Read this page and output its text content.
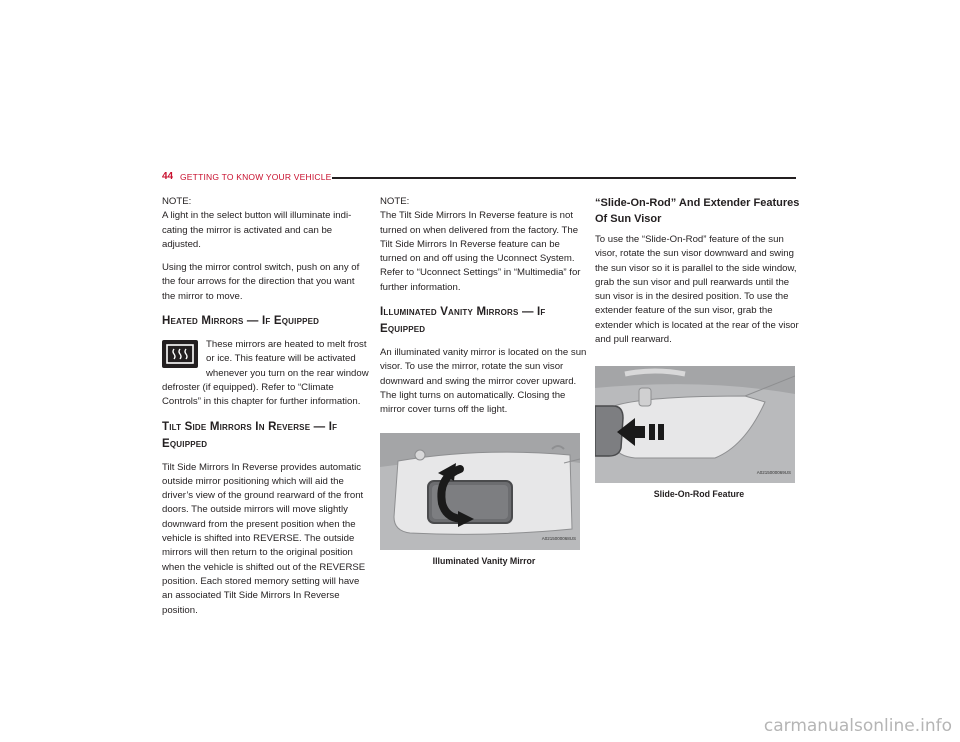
44 GETTING TO KNOW YOUR VEHICLE

NOTE:
A light in the select button will illuminate indi- cating the mirror is activated and can be adjusted.

Using the mirror control switch, push on any of the four arrows for the direction that you want the mirror to move.

Heated Mirrors — If Equipped

These mirrors are heated to melt frost or ice. This feature will be activated whenever you turn on the rear window defroster (if equipped). Refer to “Climate Controls” in this chapter for further information.

Tilt Side Mirrors In Reverse — If Equipped

Tilt Side Mirrors In Reverse provides automatic outside mirror positioning which will aid the driver’s view of the ground rearward of the front doors. The outside mirrors will move slightly downward from the present position when the vehicle is shifted into REVERSE. The outside mirrors will then return to the original position when the vehicle is shifted out of the REVERSE position. Each stored memory setting will have an associated Tilt Side Mirrors In Reverse position.

NOTE:
The Tilt Side Mirrors In Reverse feature is not turned on when delivered from the factory. The Tilt Side Mirrors In Reverse feature can be turned on and off using the Uconnect System. Refer to “Uconnect Settings” in “Multimedia” for further information.

Illuminated Vanity Mirrors — If Equipped

An illuminated vanity mirror is located on the sun visor. To use the mirror, rotate the sun visor downward and swing the mirror cover upward. The light turns on automatically. Closing the mirror cover turns off the light.

A0215000068US
Illuminated Vanity Mirror
“Slide-On-Rod” And Extender Features Of Sun Visor

To use the “Slide-On-Rod” feature of the sun visor, rotate the sun visor downward and swing the sun visor so it is parallel to the side window, grab the sun visor and pull rearwards until the sun visor is in the desired position. To use the extender feature of the sun visor, grab the extender which is located at the rear of the visor and pull rearward.

A0215000069US
Slide-On-Rod Feature
carmanualsonline.info
